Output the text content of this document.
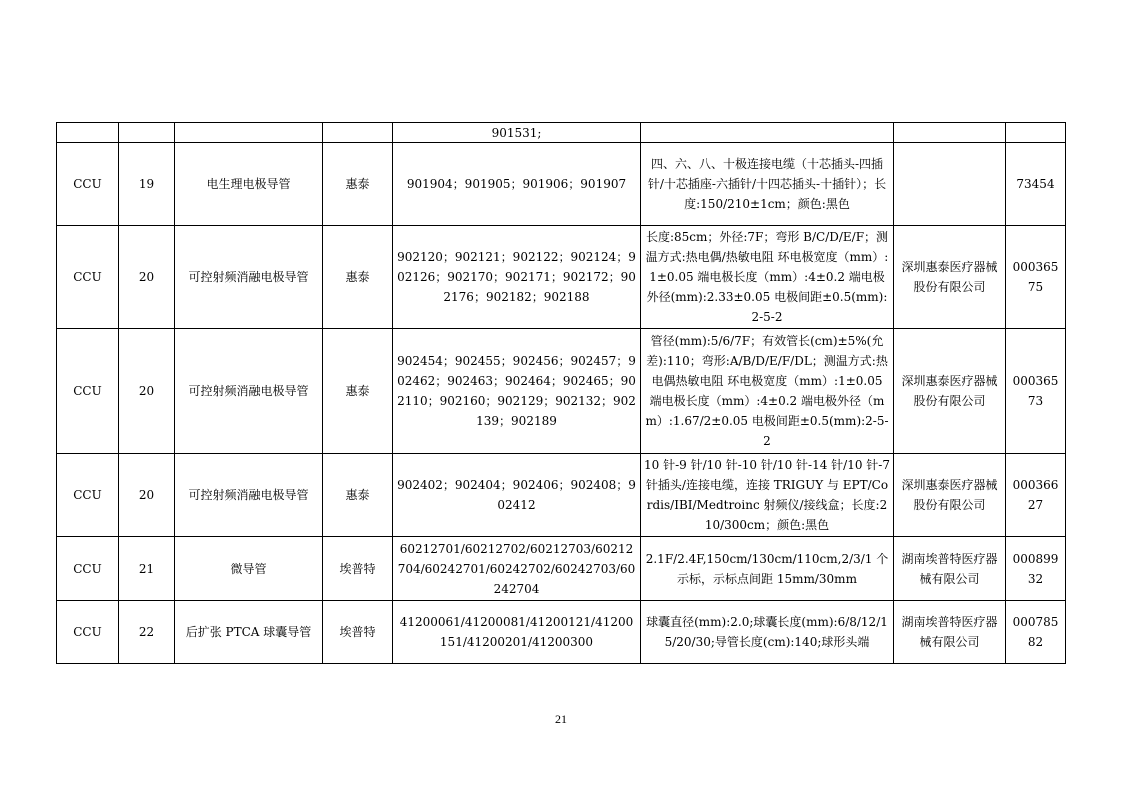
				901531;			
CCU	19	电生理电极导管	惠泰	901904；901905；901906；901907	四、六、八、十极连接电缆（十芯插头-四插针/十芯插座-六插针/十四芯插头-十插针）；长度:150/210±1cm；颜色:黑色		73454
CCU	20	可控射频消融电极导管	惠泰	902120；902121；902122；902124；902126；902170；902171；902172；902176；902182；902188	长度:85cm；外径:7F；弯形 B/C/D/E/F；测温方式:热电偶/热敏电阻 环电极宽度（mm）:1±0.05 端电极长度（mm）:4±0.2 端电极外径(mm):2.33±0.05 电极间距±0.5(mm):2-5-2	深圳惠泰医疗器械股份有限公司	00036575
CCU	20	可控射频消融电极导管	惠泰	902454；902455；902456；902457；902462；902463；902464；902465；902110；902160；902129；902132；902139；902189	管径(mm):5/6/7F；有效管长(cm)±5%(允差):110；弯形:A/B/D/E/F/DL；测温方式:热电偶热敏电阻 环电极宽度（mm）:1±0.05 端电极长度（mm）:4±0.2 端电极外径（mm）:1.67/2±0.05 电极间距±0.5(mm):2-5-2	深圳惠泰医疗器械股份有限公司	00036573
CCU	20	可控射频消融电极导管	惠泰	902402；902404；902406；902408；902412	10 针-9 针/10 针-10 针/10 针-14 针/10 针-7 针插头/连接电缆，连接 TRIGUY 与 EPT/Cordis/IBI/Medtroinc 射频仪/接线盒；长度:210/300cm；颜色:黑色	深圳惠泰医疗器械股份有限公司	00036627
CCU	21	微导管	埃普特	60212701/60212702/60212703/60212704/60242701/60242702/60242703/60242704	2.1F/2.4F,150cm/130cm/110cm,2/3/1 个示标，示标点间距 15mm/30mm	湖南埃普特医疗器械有限公司	00089932
CCU	22	后扩张 PTCA 球囊导管	埃普特	41200061/41200081/41200121/41200151/41200201/41200300	球囊直径(mm):2.0;球囊长度(mm):6/8/12/15/20/30;导管长度(cm):140;球形头端	湖南埃普特医疗器械有限公司	00078582
21
